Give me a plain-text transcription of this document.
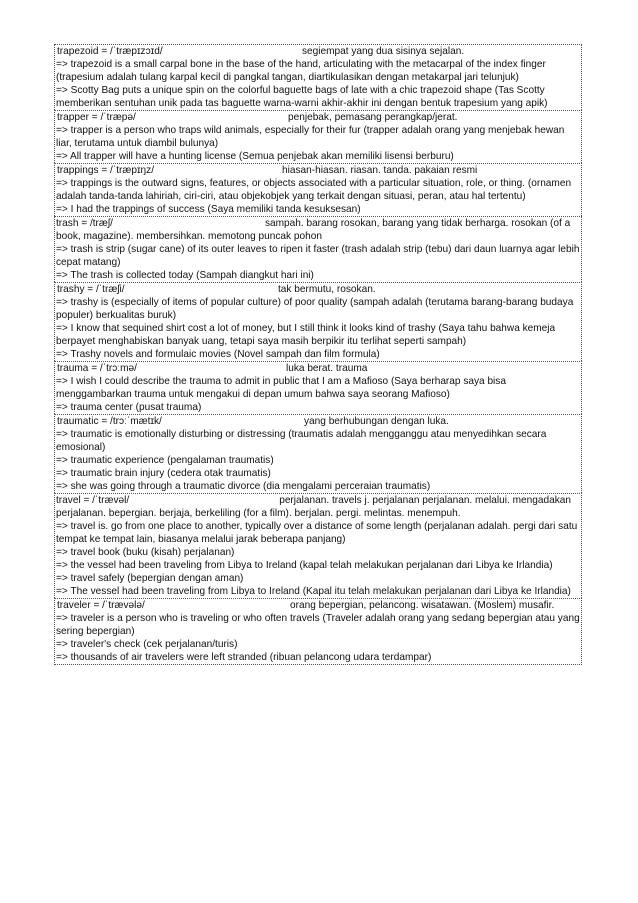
trapezoid = /ˈtræpɪzɔɪd/	segiempat yang dua sisinya sejalan.
=> trapezoid is a small carpal bone in the base of the hand, articulating with the metacarpal of the index finger (trapesium adalah tulang karpal kecil di pangkal tangan, diartikulasikan dengan metakarpal jari telunjuk)
=> Scotty Bag puts a unique spin on the colorful baguette bags of late with a chic trapezoid shape (Tas Scotty memberikan sentuhan unik pada tas baguette warna-warni akhir-akhir ini dengan bentuk trapesium yang apik)
trapper = /ˈtræpə/	penjebak, pemasang perangkap/jerat.
=> trapper is a person who traps wild animals, especially for their fur (trapper adalah orang yang menjebak hewan liar, terutama untuk diambil bulunya)
=> All trapper will have a hunting license (Semua penjebak akan memiliki lisensi berburu)
trappings = /ˈtræpɪŋz/	hiasan-hiasan. riasan. tanda. pakaian resmi
=> trappings is the outward signs, features, or objects associated with a particular situation, role, or thing. (ornamen adalah tanda-tanda lahiriah, ciri-ciri, atau objekobjek yang terkait dengan situasi, peran, atau hal tertentu)
=> I had the trappings of success (Saya memiliki tanda kesuksesan)
trash = /træʃ/	sampah. barang rosokan, barang yang tidak berharga. rosokan (of a book, magazine). membersihkan. memotong puncak pohon
=> trash is strip (sugar cane) of its outer leaves to ripen it faster (trash adalah strip (tebu) dari daun luarnya agar lebih cepat matang)
=> The trash is collected today (Sampah diangkut hari ini)
trashy = /ˈtræʃi/	tak bermutu, rosokan.
=> trashy is (especially of items of popular culture) of poor quality (sampah adalah (terutama barang-barang budaya populer) berkualitas buruk)
=> I know that sequined shirt cost a lot of money, but I still think it looks kind of trashy (Saya tahu bahwa kemeja berpayet menghabiskan banyak uang, tetapi saya masih berpikir itu terlihat seperti sampah)
=> Trashy novels and formulaic movies (Novel sampah dan film formula)
trauma = /ˈtrɔːmə/	luka berat. trauma
=> I wish I could describe the trauma to admit in public that I am a Mafioso (Saya berharap saya bisa menggambarkan trauma untuk mengakui di depan umum bahwa saya seorang Mafioso)
=> trauma center (pusat trauma)
traumatic = /trɔːˈmætɪk/	yang berhubungan dengan luka.
=> traumatic is emotionally disturbing or distressing (traumatis adalah mengganggu atau menyedihkan secara emosional)
=> traumatic experience (pengalaman traumatis)
=> traumatic brain injury (cedera otak traumatis)
=> she was going through a traumatic divorce (dia mengalami perceraian traumatis)
travel = /ˈtrævəl/	perjalanan. travels j. perjalanan perjalanan. melalui. mengadakan perjalanan. bepergian. berjaja, berkeliling (for a film). berjalan. pergi. melintas. menempuh.
=> travel is. go from one place to another, typically over a distance of some length (perjalanan adalah. pergi dari satu tempat ke tempat lain, biasanya melalui jarak beberapa panjang)
=> travel book (buku (kisah) perjalanan)
=> the vessel had been traveling from Libya to Ireland (kapal telah melakukan perjalanan dari Libya ke Irlandia)
=> travel safely (bepergian dengan aman)
=> The vessel had been traveling from Libya to Ireland (Kapal itu telah melakukan perjalanan dari Libya ke Irlandia)
traveler = /ˈtrævələ/	orang bepergian, pelancong. wisatawan. (Moslem) musafir.
=> traveler is a person who is traveling or who often travels (Traveler adalah orang yang sedang bepergian atau yang sering bepergian)
=> traveler's check (cek perjalanan/turis)
=> thousands of air travelers were left stranded (ribuan pelancong udara terdampar)
